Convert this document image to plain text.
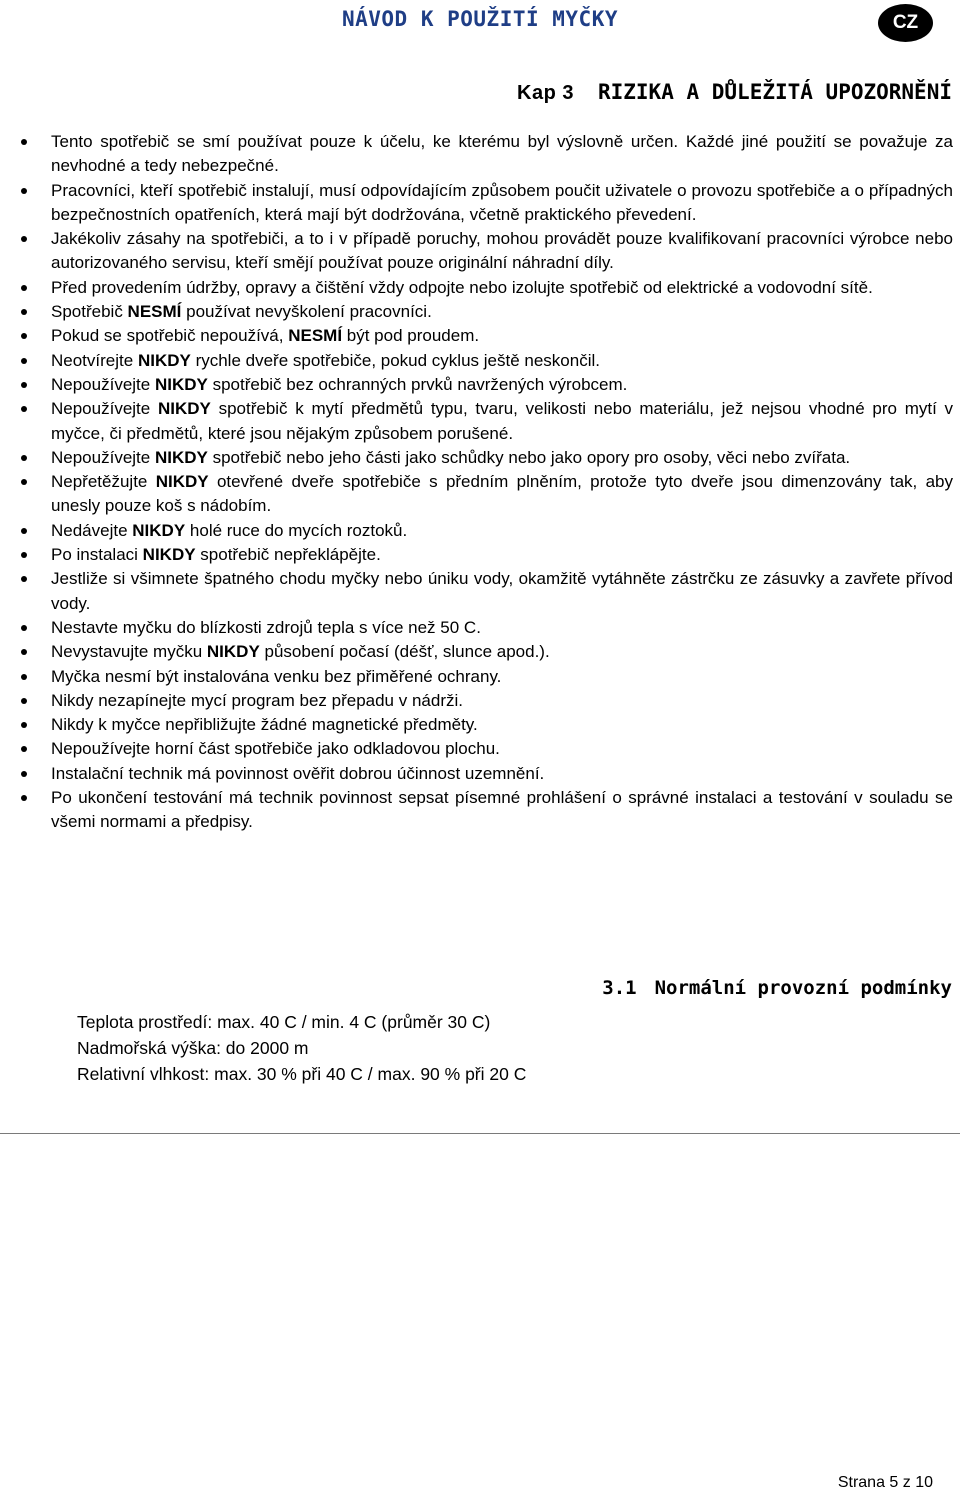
NÁVOD K POUŽITÍ MYČKY	CZ
Kap 3 RIZIKA A DŮLEŽITÁ UPOZORNĚNÍ
Tento spotřebič se smí používat pouze k účelu, ke kterému byl výslovně určen. Každé jiné použití se považuje za nevhodné a tedy nebezpečné.
Pracovníci, kteří spotřebič instalují, musí odpovídajícím způsobem poučit uživatele o provozu spotřebiče a o případných bezpečnostních opatřeních, která mají být dodržována, včetně praktického převedení.
Jakékoliv zásahy na spotřebiči, a to i v případě poruchy, mohou provádět pouze kvalifikovaní pracovníci výrobce nebo autorizovaného servisu, kteří smějí používat pouze originální náhradní díly.
Před provedením údržby, opravy a čištění vždy odpojte nebo izolujte spotřebič od elektrické a vodovodní sítě.
Spotřebič NESMÍ používat nevyškolení pracovníci.
Pokud se spotřebič nepoužívá, NESMÍ být pod proudem.
Neotvírejte NIKDY rychle dveře spotřebiče, pokud cyklus ještě neskončil.
Nepoužívejte NIKDY spotřebič bez ochranných prvků navržených výrobcem.
Nepoužívejte NIKDY spotřebič k mytí předmětů typu, tvaru, velikosti nebo materiálu, jež nejsou vhodné pro mytí v myčce, či předmětů, které jsou nějakým způsobem porušené.
Nepoužívejte NIKDY spotřebič nebo jeho části jako schůdky nebo jako opory pro osoby, věci nebo zvířata.
Nepřetěžujte NIKDY otevřené dveře spotřebiče s předním plněním, protože tyto dveře jsou dimenzovány tak, aby unesly pouze koš s nádobím.
Nedávejte NIKDY holé ruce do mycích roztoků.
Po instalaci NIKDY spotřebič nepřeklápějte.
Jestliže si všimnete špatného chodu myčky nebo úniku vody, okamžitě vytáhněte zástrčku ze zásuvky a zavřete přívod vody.
Nestavte myčku do blízkosti zdrojů tepla s více než 50 C.
Nevystavujte myčku NIKDY působení počasí (déšť, slunce apod.).
Myčka nesmí být instalována venku bez přiměřené ochrany.
Nikdy nezapínejte mycí program bez přepadu v nádrži.
Nikdy k myčce nepřibližujte žádné magnetické předměty.
Nepoužívejte horní část spotřebiče jako odkladovou plochu.
Instalační technik má povinnost ověřit dobrou účinnost uzemnění.
Po ukončení testování má technik povinnost sepsat písemné prohlášení o správné instalaci a testování v souladu se všemi normami a předpisy.
3.1 Normální provozní podmínky
Teplota prostředí: max. 40 C / min. 4 C (průměr 30 C)
Nadmořská výška: do 2000 m
Relativní vlhkost: max. 30 % při 40 C / max. 90 % při 20 C
Strana 5 z 10
